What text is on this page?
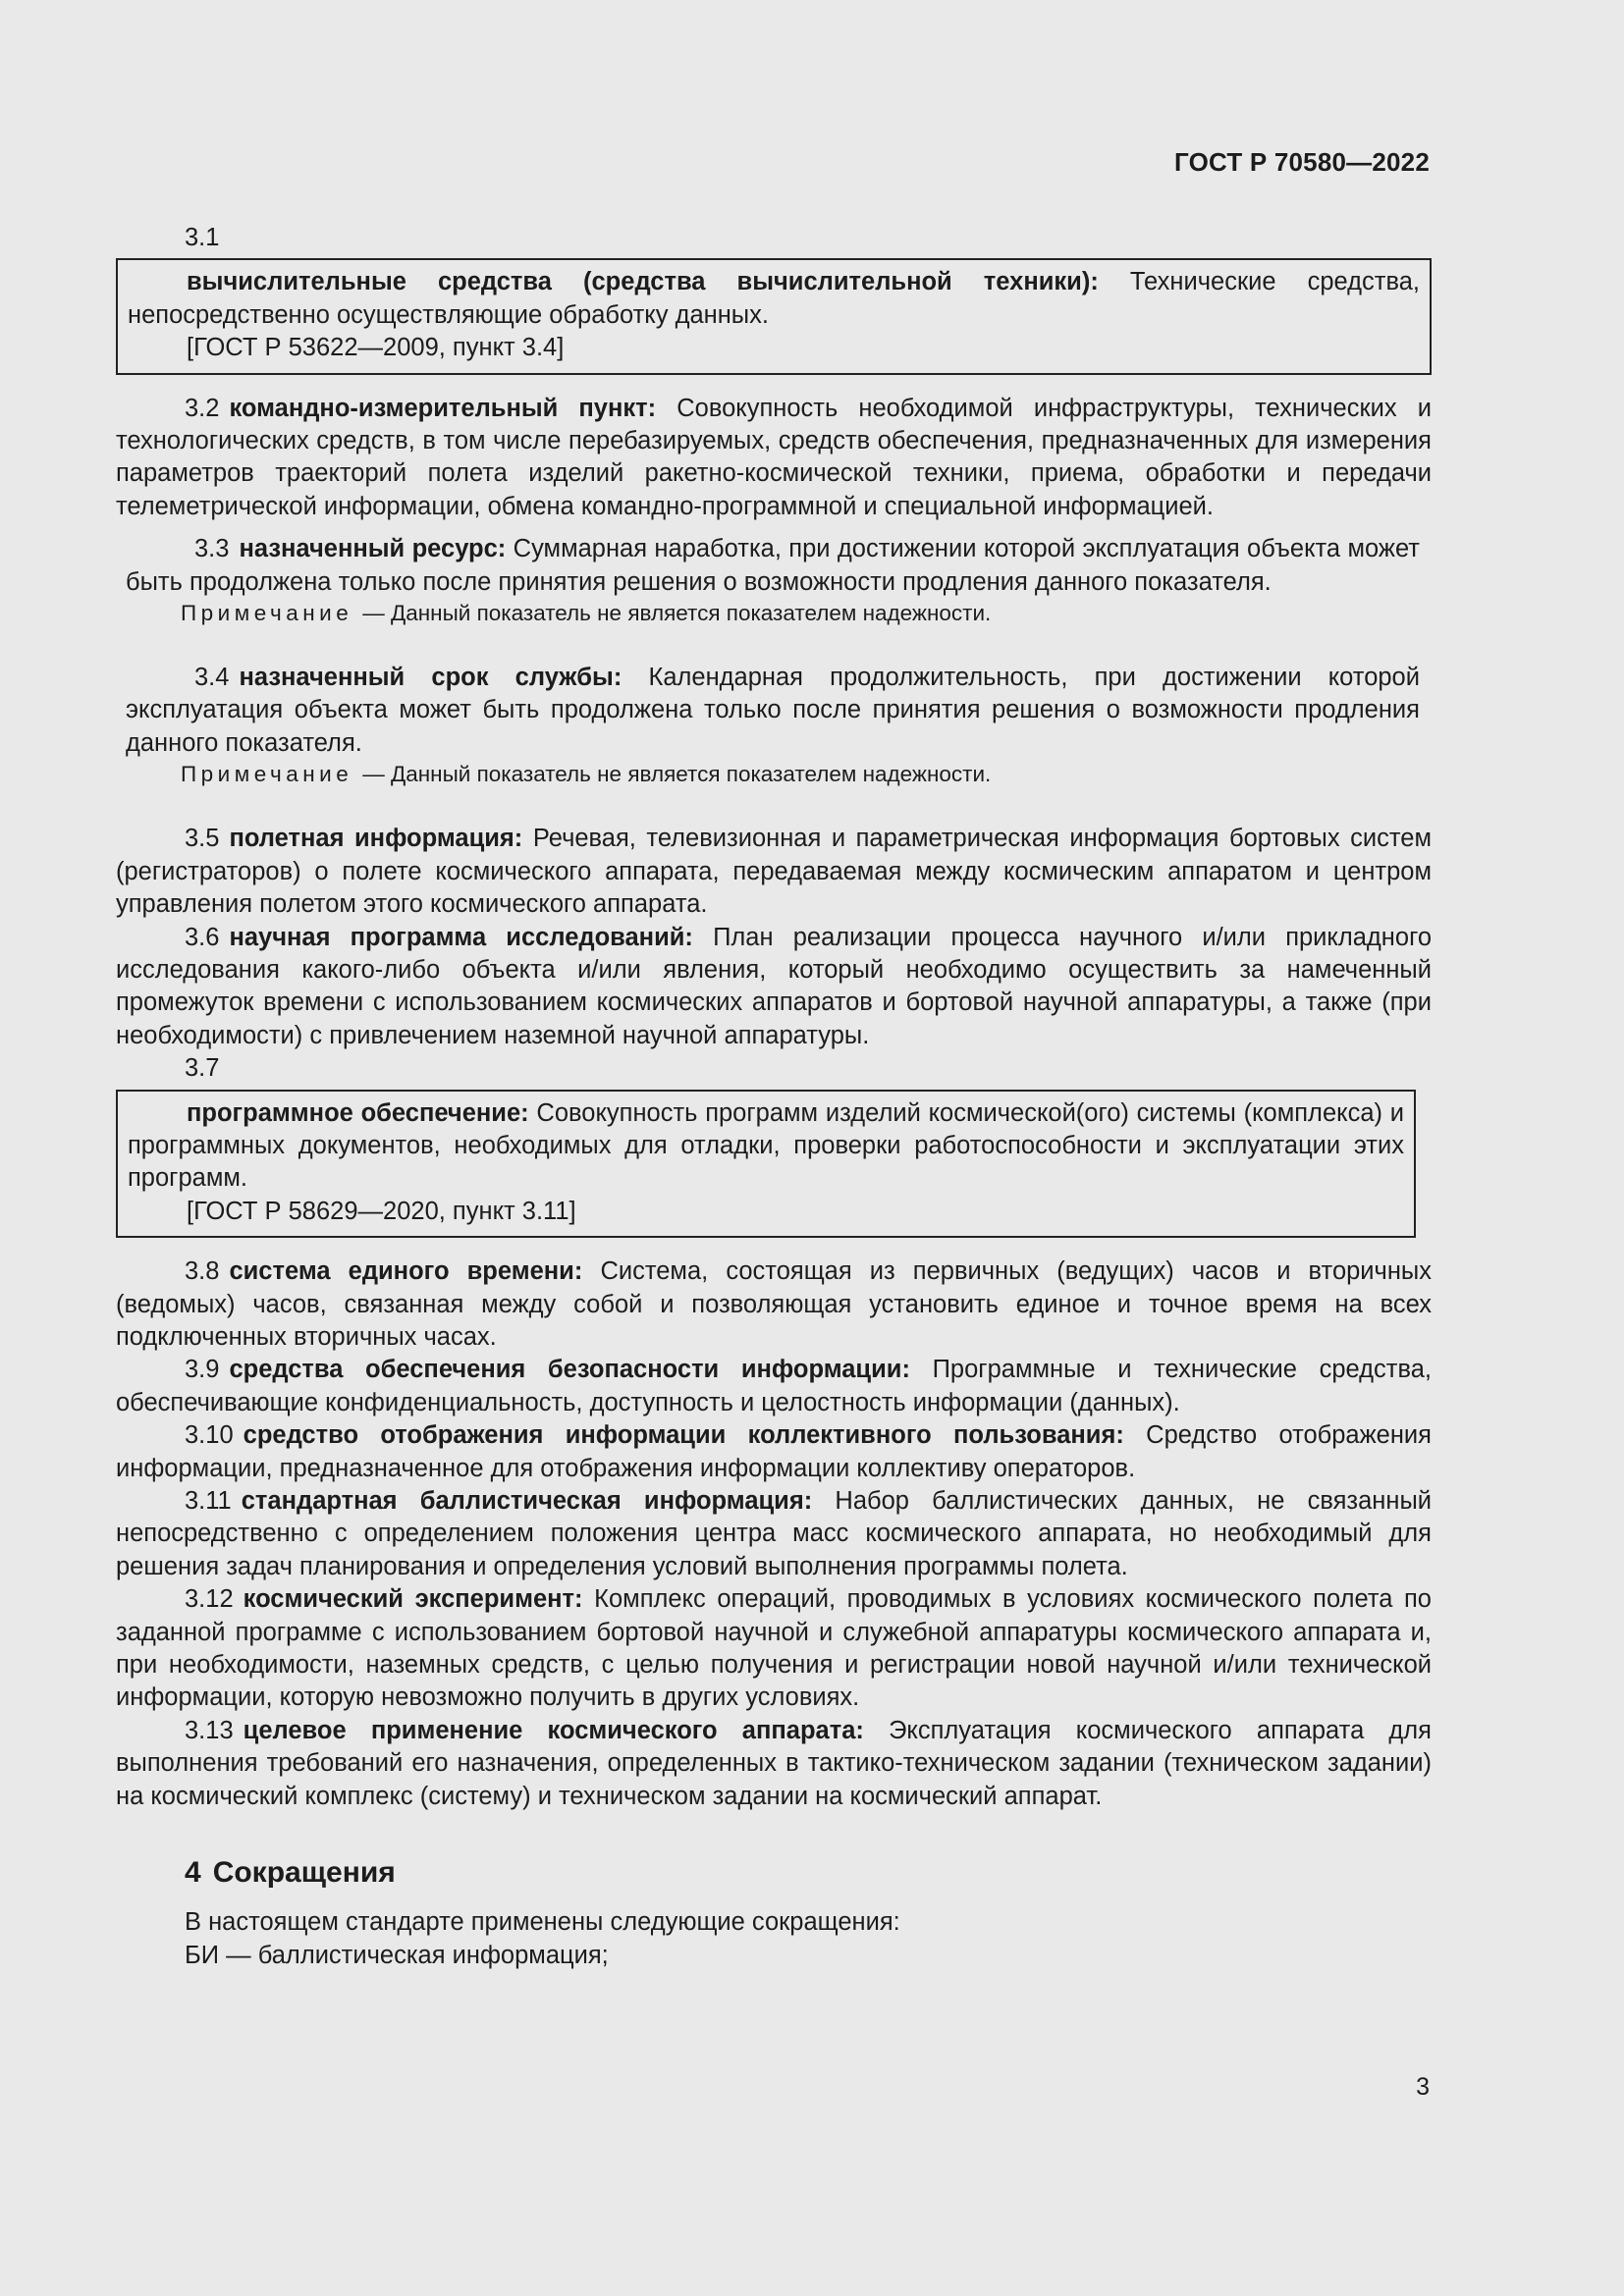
ГОСТ Р 70580—2022

3.1

вычислительные средства (средства вычислительной техники): Технические средства, непосредственно осуществляющие обработку данных.

[ГОСТ Р 53622—2009, пункт 3.4]

3.2 командно-измерительный пункт: Совокупность необходимой инфраструктуры, технических и технологических средств, в том числе перебазируемых, средств обеспечения, предназначенных для измерения параметров траекторий полета изделий ракетно-космической техники, приема, обработки и передачи телеметрической информации, обмена командно-программной и специальной информацией.

3.3 назначенный ресурс: Суммарная наработка, при достижении которой эксплуатация объекта может быть продолжена только после принятия решения о возможности продления данного показателя.

Примечание — Данный показатель не является показателем надежности.

3.4 назначенный срок службы: Календарная продолжительность, при достижении которой эксплуатация объекта может быть продолжена только после принятия решения о возможности продления данного показателя.

Примечание — Данный показатель не является показателем надежности.

3.5 полетная информация: Речевая, телевизионная и параметрическая информация бортовых систем (регистраторов) о полете космического аппарата, передаваемая между космическим аппаратом и центром управления полетом этого космического аппарата.

3.6 научная программа исследований: План реализации процесса научного и/или прикладного исследования какого-либо объекта и/или явления, который необходимо осуществить за намеченный промежуток времени с использованием космических аппаратов и бортовой научной аппаратуры, а также (при необходимости) с привлечением наземной научной аппаратуры.

3.7

программное обеспечение: Совокупность программ изделий космической(ого) системы (комплекса) и программных документов, необходимых для отладки, проверки работоспособности и эксплуатации этих программ.

[ГОСТ Р 58629—2020, пункт 3.11]

3.8 система единого времени: Система, состоящая из первичных (ведущих) часов и вторичных (ведомых) часов, связанная между собой и позволяющая установить единое и точное время на всех подключенных вторичных часах.

3.9 средства обеспечения безопасности информации: Программные и технические средства, обеспечивающие конфиденциальность, доступность и целостность информации (данных).

3.10 средство отображения информации коллективного пользования: Средство отображения информации, предназначенное для отображения информации коллективу операторов.

3.11 стандартная баллистическая информация: Набор баллистических данных, не связанный непосредственно с определением положения центра масс космического аппарата, но необходимый для решения задач планирования и определения условий выполнения программы полета.

3.12 космический эксперимент: Комплекс операций, проводимых в условиях космического полета по заданной программе с использованием бортовой научной и служебной аппаратуры космического аппарата и, при необходимости, наземных средств, с целью получения и регистрации новой научной и/или технической информации, которую невозможно получить в других условиях.

3.13 целевое применение космического аппарата: Эксплуатация космического аппарата для выполнения требований его назначения, определенных в тактико-техническом задании (техническом задании) на космический комплекс (систему) и техническом задании на космический аппарат.

4 Сокращения

В настоящем стандарте применены следующие сокращения:

БИ — баллистическая информация;

3
